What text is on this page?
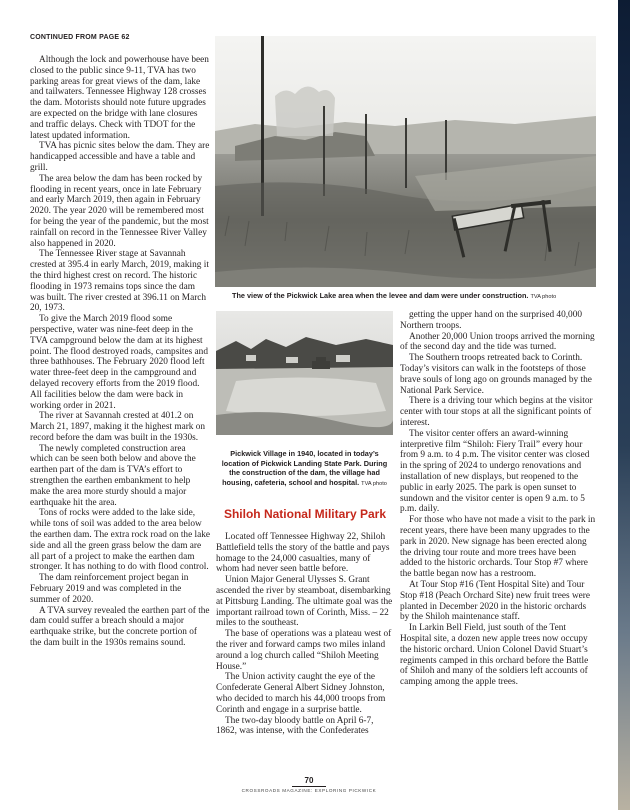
CONTINUED FROM PAGE 62

Although the lock and powerhouse have been closed to the public since 9-11, TVA has two parking areas for great views of the dam, lake and tailwaters. Tennessee Highway 128 crosses the dam. Motorists should note future upgrades are expected on the bridge with lane closures and traffic delays. Check with TDOT for the latest updated information.

TVA has picnic sites below the dam. They are handicapped accessible and have a table and grill.

The area below the dam has been rocked by flooding in recent years, once in late February and early March 2019, then again in February 2020. The year 2020 will be remembered most for being the year of the pandemic, but the most rainfall on record in the Tennessee River Valley also happened in 2020.

The Tennessee River stage at Savannah crested at 395.4 in early March, 2019, making it the third highest crest on record. The historic flooding in 1973 remains tops since the dam was built. The river crested at 396.11 on March 20, 1973.

To give the March 2019 flood some perspective, water was nine-feet deep in the TVA campground below the dam at its highest point. The flood destroyed roads, campsites and three bathhouses. The February 2020 flood left water three-feet deep in the campground and delayed recovery efforts from the 2019 flood. All facilities below the dam were back in working order in 2021.

The river at Savannah crested at 401.2 on March 21, 1897, making it the highest mark on record before the dam was built in the 1930s.

The newly completed construction area which can be seen both below and above the earthen part of the dam is TVA’s effort to strengthen the earthen embankment to help make the area more sturdy should a major earthquake hit the area.

Tons of rocks were added to the lake side, while tons of soil was added to the area below the earthen dam. The extra rock road on the lake side and all the green grass below the dam are all part of a project to make the earthen dam stronger. It has nothing to do with flood control.

The dam reinforcement project began in February 2019 and was completed in the summer of 2020.

A TVA survey revealed the earthen part of the dam could suffer a breach should a major earthquake strike, but the concrete portion of the dam built in the 1930s remains sound.

The view of the Pickwick Lake area when the levee and dam were under construction. TVA photo
Pickwick Village in 1940, located in today’s location of Pickwick Landing State Park. During the construction of the dam, the village had housing, cafeteria, school and hospital. TVA photo
Shiloh National Military Park

Located off Tennessee Highway 22, Shiloh Battlefield tells the story of the battle and pays homage to the 24,000 casualties, many of whom had never seen battle before.

Union Major General Ulysses S. Grant ascended the river by steamboat, disembarking at Pittsburg Landing. The ultimate goal was the important railroad town of Corinth, Miss. – 22 miles to the southeast.

The base of operations was a plateau west of the river and forward camps two miles inland around a log church called “Shiloh Meeting House.”

The Union activity caught the eye of the Confederate General Albert Sidney Johnston, who decided to march his 44,000 troops from Corinth and engage in a surprise battle.

The two-day bloody battle on April 6-7, 1862, was intense, with the Confederates

getting the upper hand on the surprised 40,000 Northern troops.

Another 20,000 Union troops arrived the morning of the second day and the tide was turned.

The Southern troops retreated back to Corinth. Today’s visitors can walk in the footsteps of those brave souls of long ago on grounds managed by the National Park Service.

There is a driving tour which begins at the visitor center with tour stops at all the significant points of interest.

The visitor center offers an award-winning interpretive film “Shiloh: Fiery Trail” every hour from 9 a.m. to 4 p.m. The visitor center was closed in the spring of 2024 to undergo renovations and installation of new displays, but reopened to the public in early 2025. The park is open sunset to sundown and the visitor center is open 9 a.m. to 5 p.m. daily.

For those who have not made a visit to the park in recent years, there have been many upgrades to the park in 2020. New signage has been erected along the driving tour route and more trees have been added to the historic orchards. Tour Stop #7 where the battle began now has a restroom.

At Tour Stop #16 (Tent Hospital Site) and Tour Stop #18 (Peach Orchard Site) new fruit trees were planted in December 2020 in the historic orchards by the Shiloh maintenance staff.

In Larkin Bell Field, just south of the Tent Hospital site, a dozen new apple trees now occupy the historic orchard. Union Colonel David Stuart’s regiments camped in this orchard before the Battle of Shiloh and many of the soldiers left accounts of camping among the apple trees.

70
CROSSROADS MAGAZINE: EXPLORING PICKWICK
